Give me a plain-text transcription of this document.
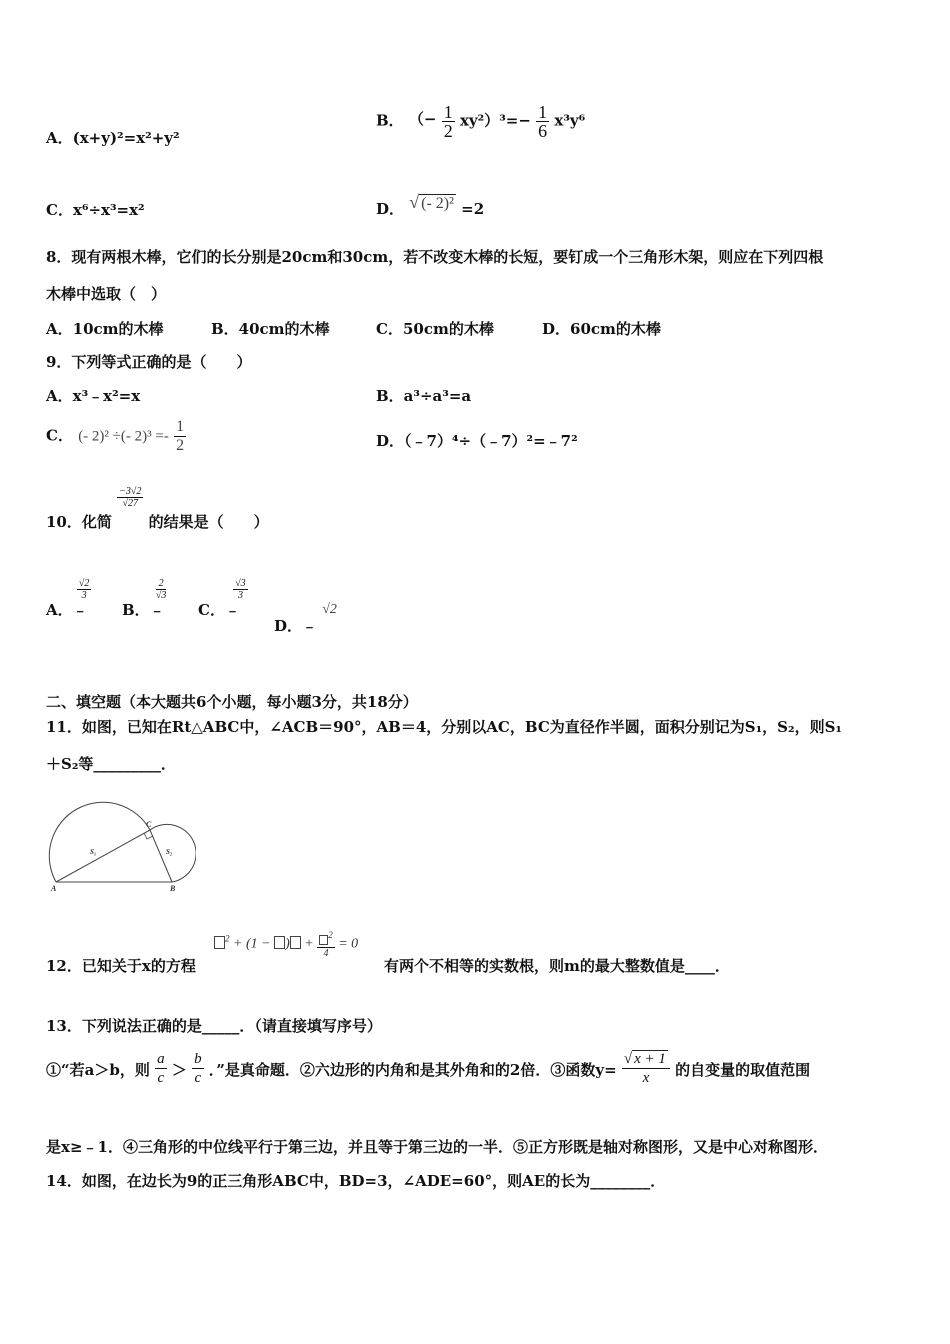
A．(x+y)²=x²+y²
B． （− $\frac{1}{2} xy^2)^3=- \frac{1}{6} x^3y^6$
C．x⁶÷x³=x²	D． √ (- 2)² =2
8．现有两根木棒，它们的长分别是20cm和30cm，若不改变木棒的长短，要钉成一个三角形木架，则应在下列四根
木棒中选取（　）
A．10cm的木棒	B．40cm的木棒	C．50cm的木棒	D．60cm的木棒
9．下列等式正确的是（　　）
A．x³﹣x²=x	B．a³÷a³=a
C． (- 2)² ÷(- $2)^3 =- \frac{1}{2}$	D．（﹣7）⁴÷（﹣7）²=﹣7²
10．化简
$\frac{-3√2}{√27}$
的结果是（　　）
A．﹣
$\frac{√2}{3}$
B．﹣
$\frac{2}{√3}$
C．﹣
$\frac{√3}{3}$
D．﹣ √2
二、填空题（本大题共6个小题，每小题3分，共18分）
11．如图，已知在Rt△ABC中，∠ACB＝90°，AB＝4，分别以AC，BC为直径作半圆，面积分别记为S₁，S₂，则S₁
＋S₂等_________．
A	B
C
S₁	S₂
12．已知关于x的方程
$^2$ + (1 − ) + $\frac{2}{4} = 0$
有两个不相等的实数根，则m的最大整数值是____．
13．下列说法正确的是_____．（请直接填写序号）
①“若a＞b，则 $\frac{a}{c} > \frac{b}{c}$ ．”是真命题．②六边形的内角和是其外角和的2倍．③函数$y= \frac{√ x + 1}{x}$ 的自变量的取值范围
是x≥﹣1．④三角形的中位线平行于第三边，并且等于第三边的一半．⑤正方形既是轴对称图形，又是中心对称图形．
14．如图，在边长为9的正三角形ABC中，BD=3，∠ADE=60°，则AE的长为________．
